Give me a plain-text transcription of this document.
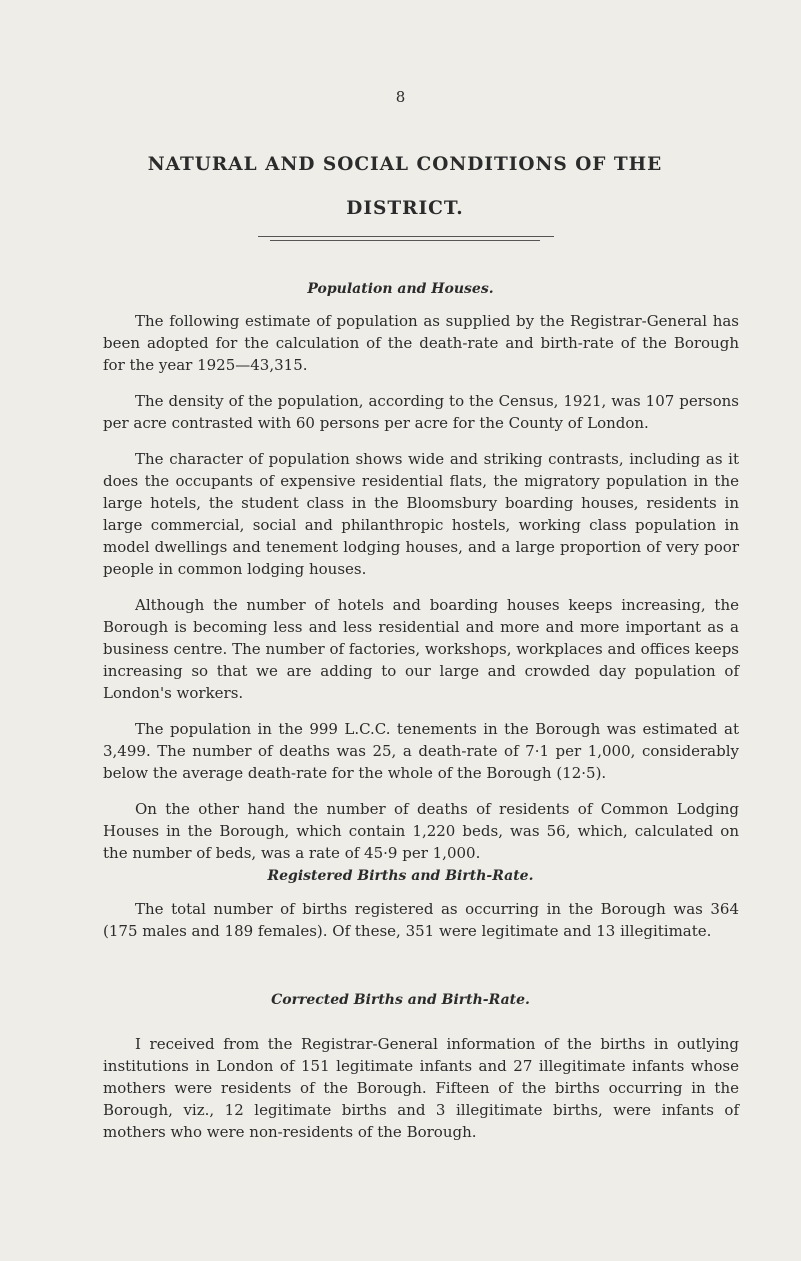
8
NATURAL AND SOCIAL CONDITIONS OF THE DISTRICT.
Population and Houses.

The following estimate of population as supplied by the Registrar-General has been adopted for the calculation of the death-rate and birth-rate of the Borough for the year 1925—43,315.

The density of the population, according to the Census, 1921, was 107 persons per acre contrasted with 60 persons per acre for the County of London.

The character of population shows wide and striking contrasts, including as it does the occupants of expensive residential flats, the migratory population in the large hotels, the student class in the Bloomsbury boarding houses, residents in large commercial, social and philanthropic hostels, working class population in model dwellings and tenement lodging houses, and a large proportion of very poor people in common lodging houses.

Although the number of hotels and boarding houses keeps increasing, the Borough is becoming less and less residential and more and more important as a business centre. The number of factories, workshops, workplaces and offices keeps increasing so that we are adding to our large and crowded day population of London's workers.

The population in the 999 L.C.C. tenements in the Borough was estimated at 3,499. The number of deaths was 25, a death-rate of 7·1 per 1,000, considerably below the average death-rate for the whole of the Borough (12·5).

On the other hand the number of deaths of residents of Common Lodging Houses in the Borough, which contain 1,220 beds, was 56, which, calculated on the number of beds, was a rate of 45·9 per 1,000.

Registered Births and Birth-Rate.

The total number of births registered as occurring in the Borough was 364 (175 males and 189 females). Of these, 351 were legitimate and 13 illegitimate.

Corrected Births and Birth-Rate.

I received from the Registrar-General information of the births in outlying institutions in London of 151 legitimate infants and 27 illegitimate infants whose mothers were residents of the Borough. Fifteen of the births occurring in the Borough, viz., 12 legitimate births and 3 illegitimate births, were infants of mothers who were non-residents of the Borough.
